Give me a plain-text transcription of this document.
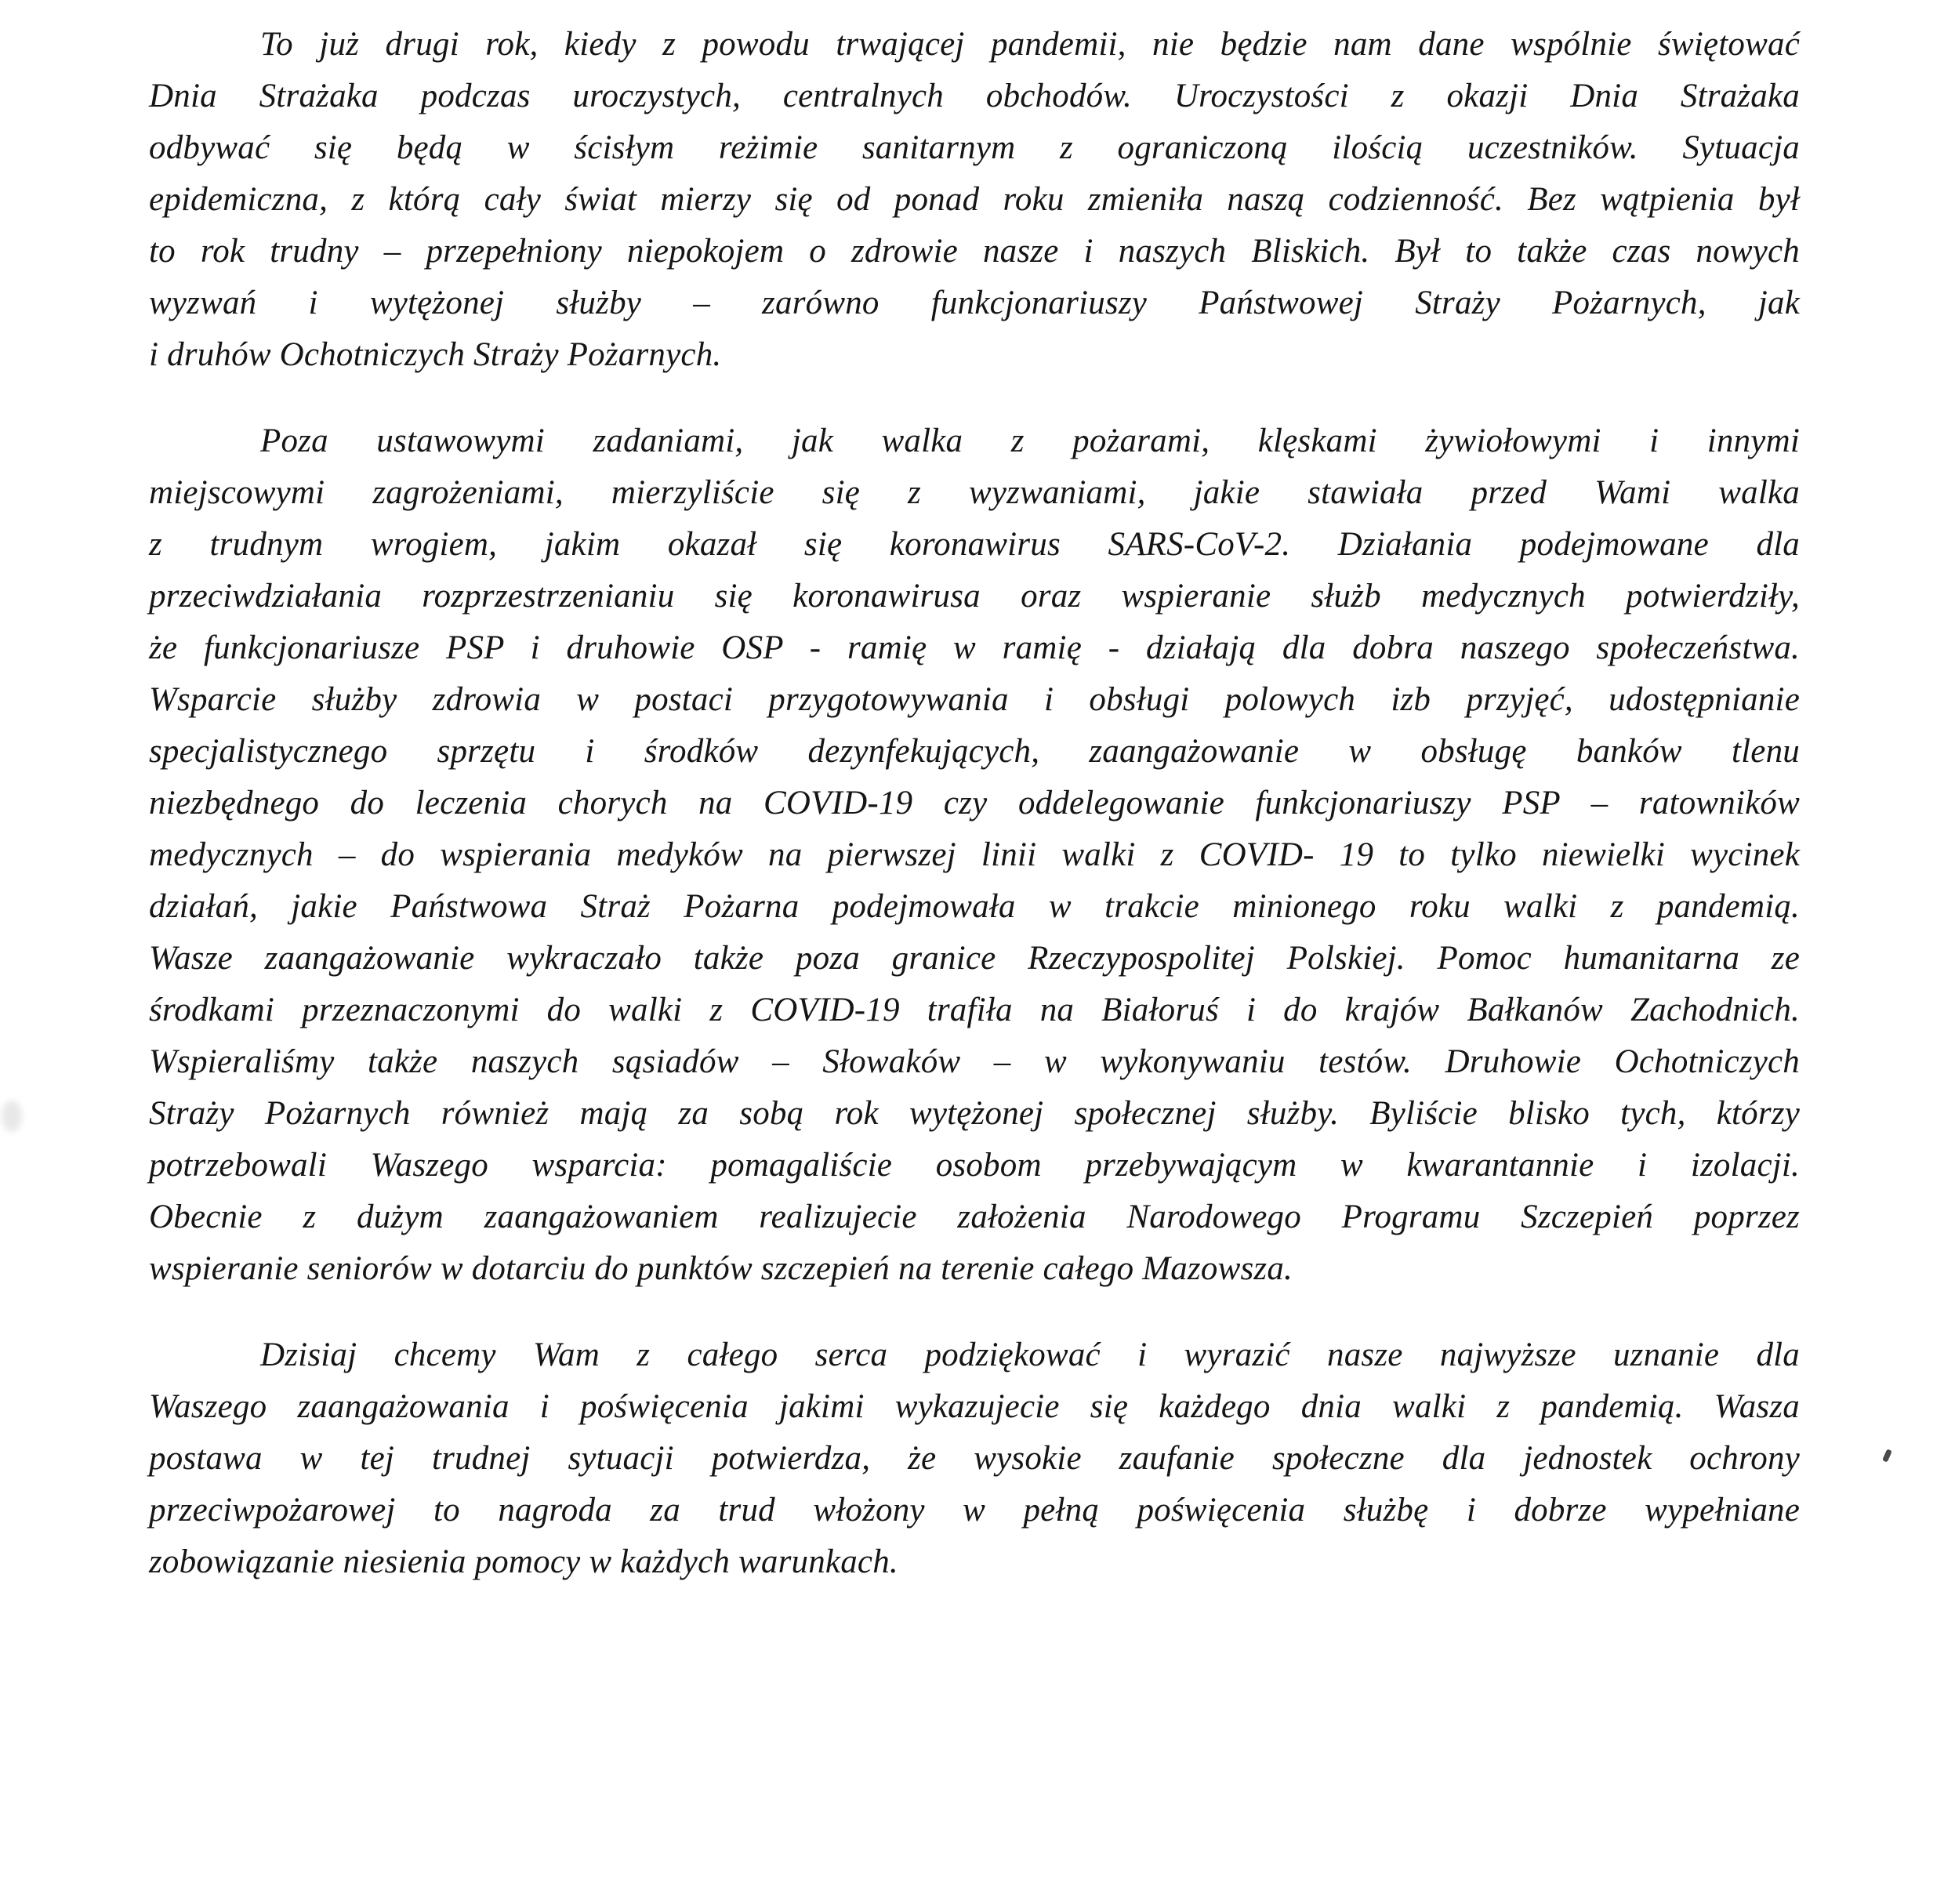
To już drugi rok, kiedy z powodu trwającej pandemii, nie będzie nam dane wspólnie świętować
Dnia Strażaka podczas uroczystych, centralnych obchodów. Uroczystości z okazji Dnia Strażaka
odbywać się będą w ścisłym reżimie sanitarnym z ograniczoną ilością uczestników. Sytuacja
epidemiczna, z którą cały świat mierzy się od ponad roku zmieniła naszą codzienność. Bez wątpienia był
to rok trudny – przepełniony niepokojem o zdrowie nasze i naszych Bliskich. Był to także czas nowych
wyzwań i wytężonej służby – zarówno funkcjonariuszy Państwowej Straży Pożarnych, jak
i druhów Ochotniczych Straży Pożarnych.
Poza ustawowymi zadaniami, jak walka z pożarami, klęskami żywiołowymi i innymi
miejscowymi zagrożeniami, mierzyliście się z wyzwaniami, jakie stawiała przed Wami walka
z trudnym wrogiem, jakim okazał się koronawirus SARS-CoV-2. Działania podejmowane dla
przeciwdziałania rozprzestrzenianiu się koronawirusa oraz wspieranie służb medycznych potwierdziły,
że funkcjonariusze PSP i druhowie OSP - ramię w ramię - działają dla dobra naszego społeczeństwa.
Wsparcie służby zdrowia w postaci przygotowywania i obsługi polowych izb przyjęć, udostępnianie
specjalistycznego sprzętu i środków dezynfekujących, zaangażowanie w obsługę banków tlenu
niezbędnego do leczenia chorych na COVID-19 czy oddelegowanie funkcjonariuszy PSP – ratowników
medycznych – do wspierania medyków na pierwszej linii walki z COVID- 19 to tylko niewielki wycinek
działań, jakie Państwowa Straż Pożarna podejmowała w trakcie minionego roku walki z pandemią.
Wasze zaangażowanie wykraczało także poza granice Rzeczypospolitej Polskiej. Pomoc humanitarna ze
środkami przeznaczonymi do walki z COVID-19 trafiła na Białoruś i do krajów Bałkanów Zachodnich.
Wspieraliśmy także naszych sąsiadów – Słowaków – w wykonywaniu testów. Druhowie Ochotniczych
Straży Pożarnych również mają za sobą rok wytężonej społecznej służby. Byliście blisko tych, którzy
potrzebowali Waszego wsparcia: pomagaliście osobom przebywającym w kwarantannie i izolacji.
Obecnie z dużym zaangażowaniem realizujecie założenia Narodowego Programu Szczepień poprzez
wspieranie seniorów w dotarciu do punktów szczepień na terenie całego Mazowsza.
Dzisiaj chcemy Wam z całego serca podziękować i wyrazić nasze najwyższe uznanie dla
Waszego zaangażowania i poświęcenia jakimi wykazujecie się każdego dnia walki z pandemią. Wasza
postawa w tej trudnej sytuacji potwierdza, że wysokie zaufanie społeczne dla jednostek ochrony
przeciwpożarowej to nagroda za trud włożony w pełną poświęcenia służbę i dobrze wypełniane
zobowiązanie niesienia pomocy w każdych warunkach.
